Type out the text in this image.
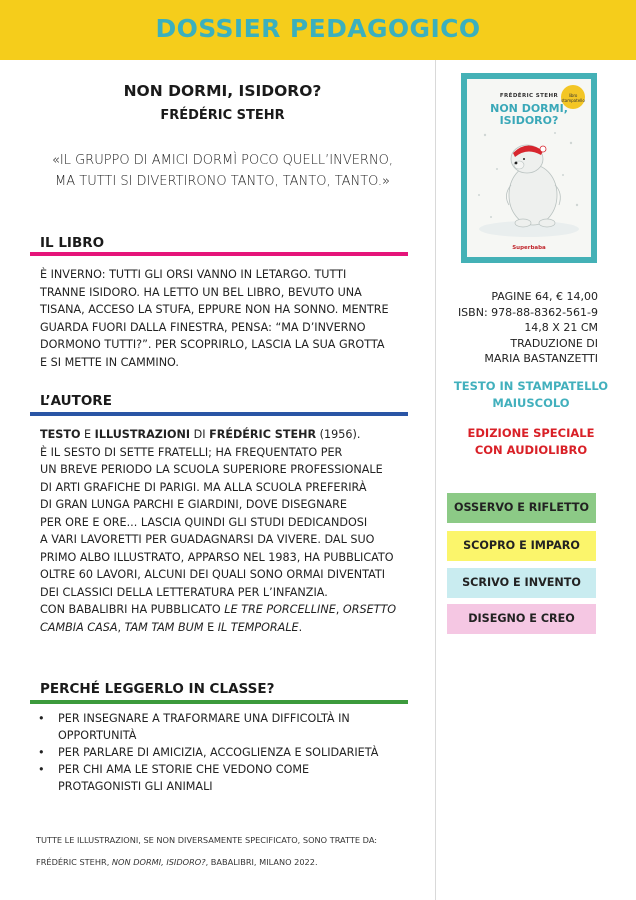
DOSSIER PEDAGOGICO
NON DORMI, ISIDORO?
FRÉDÉRIC STEHR
«IL GRUPPO DI AMICI DORMÌ POCO QUELL’INVERNO,
MA TUTTI SI DIVERTIRONO TANTO, TANTO, TANTO.»
IL LIBRO

È INVERNO: TUTTI GLI ORSI VANNO IN LETARGO. TUTTI

TRANNE ISIDORO. HA LETTO UN BEL LIBRO, BEVUTO UNA

TISANA, ACCESO LA STUFA, EPPURE NON HA SONNO. MENTRE

GUARDA FUORI DALLA FINESTRA, PENSA: “MA D’INVERNO

DORMONO TUTTI?”. PER SCOPRIRLO, LASCIA LA SUA GROTTA

E SI METTE IN CAMMINO.

L’AUTORE

TESTO E ILLUSTRAZIONI DI FRÉDÉRIC STEHR (1956).

È IL SESTO DI SETTE FRATELLI; HA FREQUENTATO PER

UN BREVE PERIODO LA SCUOLA SUPERIORE PROFESSIONALE

DI ARTI GRAFICHE DI PARIGI. MA ALLA SCUOLA PREFERIRÀ

DI GRAN LUNGA PARCHI E GIARDINI, DOVE DISEGNARE

PER ORE E ORE... LASCIA QUINDI GLI STUDI DEDICANDOSI

A VARI LAVORETTI PER GUADAGNARSI DA VIVERE. DAL SUO

PRIMO ALBO ILLUSTRATO, APPARSO NEL 1983, HA PUBBLICATO

OLTRE 60 LAVORI, ALCUNI DEI QUALI SONO ORMAI DIVENTATI

DEI CLASSICI DELLA LETTERATURA PER L’INFANZIA.

CON BABALIBRI HA PUBBLICATO LE TRE PORCELLINE, ORSETTO

CAMBIA CASA, TAM TAM BUM E IL TEMPORALE.

PERCHÉ LEGGERLO IN CLASSE?
• PER INSEGNARE A TRAFORMARE UNA DIFFICOLTÀ IN
OPPORTUNITÀ
• PER PARLARE DI AMICIZIA, ACCOGLIENZA E SOLIDARIETÀ
• PER CHI AMA LE STORIE CHE VEDONO COME
PROTAGONISTI GLI ANIMALI
TUTTE LE ILLUSTRAZIONI, SE NON DIVERSAMENTE SPECIFICATO, SONO TRATTE DA:
FRÉDÉRIC STEHR, NON DORMI, ISIDORO?, BABALIBRI, MILANO 2022.
libro stampatello
FRÉDÉRIC STEHR
NON DORMI,
ISIDORO?
Superbaba
PAGINE 64, € 14,00
ISBN: 978-88-8362-561-9
14,8 X 21 CM
TRADUZIONE DI
MARIA BASTANZETTI
TESTO IN STAMPATELLO
MAIUSCOLO
EDIZIONE SPECIALE
CON AUDIOLIBRO
OSSERVO E RIFLETTO
SCOPRO E IMPARO
SCRIVO E INVENTO
DISEGNO E CREO
